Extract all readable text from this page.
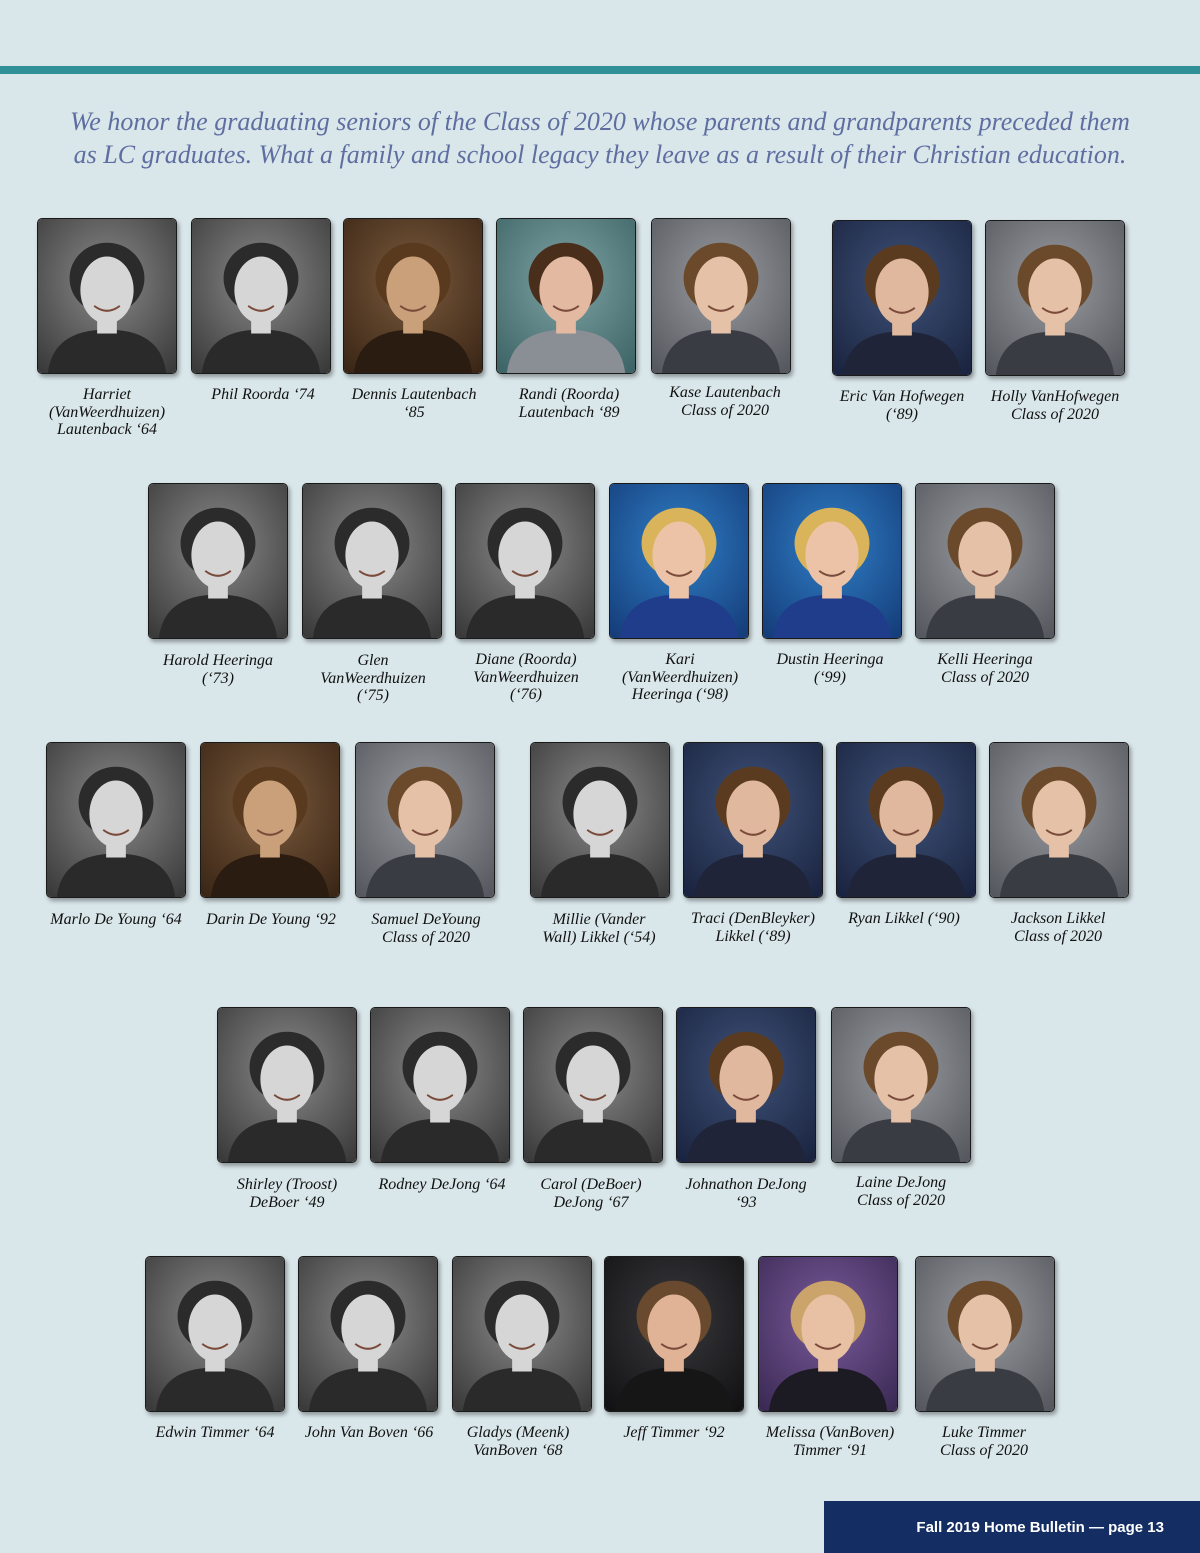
We honor the graduating seniors of the Class of 2020 whose parents and grandparents preceded them
as LC graduates. What a family and school legacy they leave as a result of their Christian education.

Harriet
(VanWeerdhuizen)
Lautenback ‘64
Phil Roorda ‘74	Dennis Lautenbach
‘85
Randi (Roorda)
Lautenbach ‘89
Kase Lautenbach
Class of 2020
Eric Van Hofwegen
(‘89)
Holly VanHofwegen
Class of 2020
Harold Heeringa
(‘73)
Glen
VanWeerdhuizen
(‘75)
Diane (Roorda)
VanWeerdhuizen
(‘76)
Kari
(VanWeerdhuizen)
Heeringa (‘98)
Dustin Heeringa
(‘99)
Kelli Heeringa
Class of 2020
Marlo De Young ‘64	Darin De Young ‘92	Samuel DeYoung
Class of 2020
Millie (Vander
Wall) Likkel (‘54)
Traci (DenBleyker)
Likkel (‘89)
Ryan Likkel (‘90)	Jackson Likkel
Class of 2020
Shirley (Troost)
DeBoer ‘49
Rodney DeJong ‘64	Carol (DeBoer)
DeJong ‘67
Johnathon DeJong
‘93
Laine DeJong
Class of 2020
Edwin Timmer ‘64	John Van Boven ‘66	Gladys (Meenk)
VanBoven ‘68
Jeff Timmer ‘92	Melissa (VanBoven)
Timmer ‘91
Luke Timmer
Class of 2020
Fall 2019 Home Bulletin — page 13
